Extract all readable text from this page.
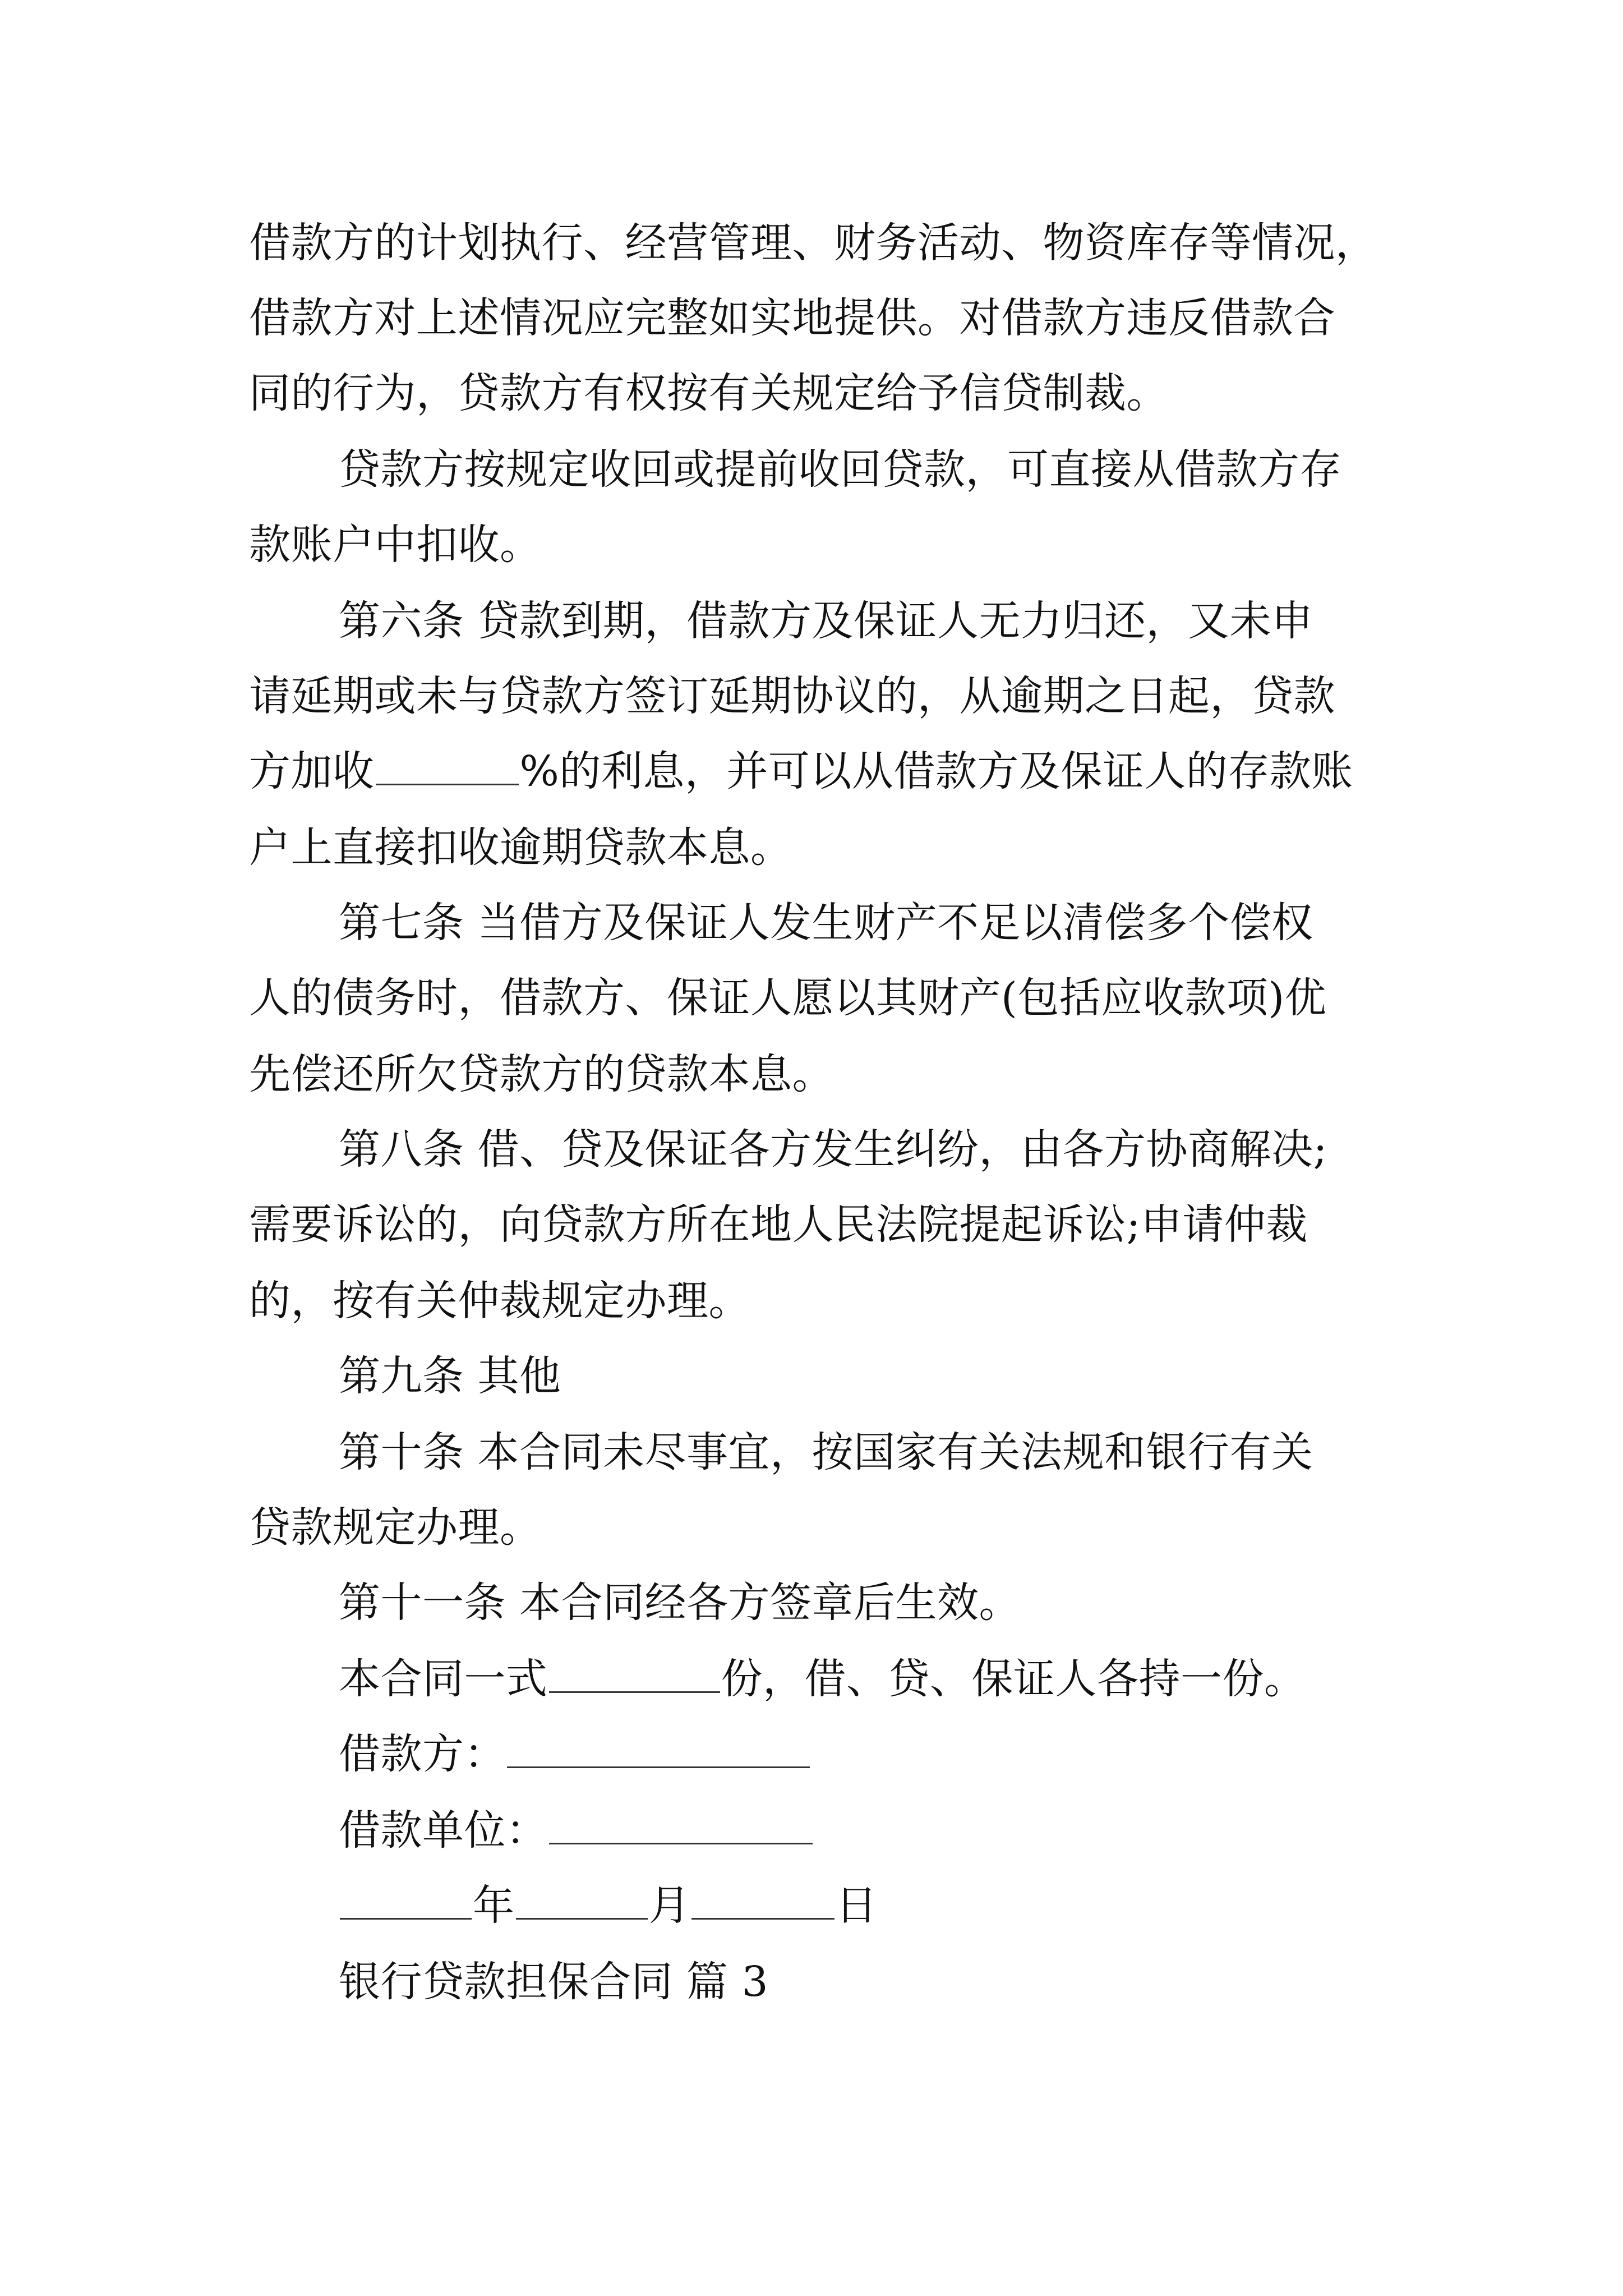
借款方的计划执行、经营管理、财务活动、物资库存等情况，
借款方对上述情况应完整如实地提供。对借款方违反借款合
同的行为，贷款方有权按有关规定给予信贷制裁。
贷款方按规定收回或提前收回贷款，可直接从借款方存
款账户中扣收。
第六条 贷款到期，借款方及保证人无力归还，又未申
请延期或未与贷款方签订延期协议的，从逾期之日起，贷款
方加收	%的利息，并可以从借款方及保证人的存款账
户上直接扣收逾期贷款本息。
第七条 当借方及保证人发生财产不足以清偿多个偿权
人的债务时，借款方、保证人愿以其财产(包括应收款项)优
先偿还所欠贷款方的贷款本息。
第八条 借、贷及保证各方发生纠纷，由各方协商解决;
需要诉讼的，向贷款方所在地人民法院提起诉讼;申请仲裁
的，按有关仲裁规定办理。
第九条 其他
第十条 本合同未尽事宜，按国家有关法规和银行有关
贷款规定办理。
第十一条 本合同经各方签章后生效。
本合同一式	份，借、贷、保证人各持一份。
借款方：
借款单位：
年	月	日
银行贷款担保合同 篇 3
